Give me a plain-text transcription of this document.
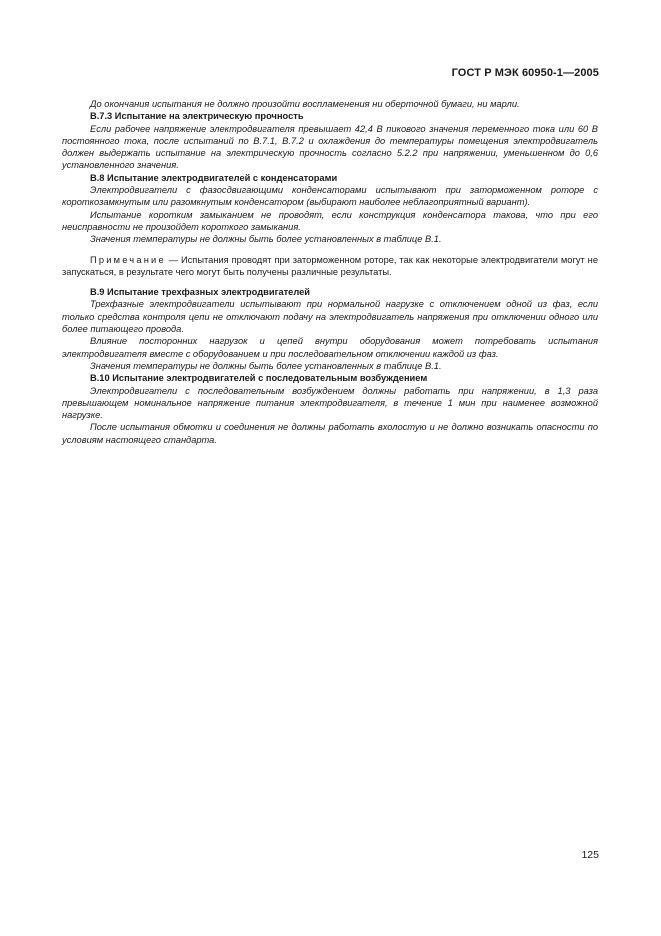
ГОСТ Р МЭК 60950-1—2005

До окончания испытания не должно произойти воспламенения ни оберточной бумаги, ни марли.

В.7.3 Испытание на электрическую прочность

Если рабочее напряжение электродвигателя превышает 42,4 В пикового значения переменного тока или 60 В постоянного тока, после испытаний по В.7.1, В.7.2 и охлаждения до температуры помещения электродвигатель должен выдержать испытание на электрическую прочность согласно 5.2.2 при напряжении, уменьшенном до 0,6 установленного значения.

В.8 Испытание электродвигателей с конденсаторами

Электродвигатели с фазосдвигающими конденсаторами испытывают при заторможенном роторе с короткозамкнутым или разомкнутым конденсатором (выбирают наиболее неблагоприятный вариант).

Испытание коротким замыканием не проводят, если конструкция конденсатора такова, что при его неисправности не произойдет короткого замыкания.

Значения температуры не должны быть более установленных в таблице В.1.

Примечание — Испытания проводят при заторможенном роторе, так как некоторые электродвигатели могут не запускаться, в результате чего могут быть получены различные результаты.

В.9 Испытание трехфазных электродвигателей

Трехфазные электродвигатели испытывают при нормальной нагрузке с отключением одной из фаз, если только средства контроля цепи не отключают подачу на электродвигатель напряжения при отключении одного или более питающего провода.

Влияние посторонних нагрузок и цепей внутри оборудования может потребовать испытания электродвигателя вместе с оборудованием и при последовательном отключении каждой из фаз.

Значения температуры не должны быть более установленных в таблице В.1.

В.10 Испытание электродвигателей с последовательным возбуждением

Электродвигатели с последовательным возбуждением должны работать при напряжении, в 1,3 раза превышающем номинальное напряжение питания электродвигателя, в течение 1 мин при наименее возможной нагрузке.

После испытания обмотки и соединения не должны работать вхолостую и не должно возникать опасности по условиям настоящего стандарта.

125
